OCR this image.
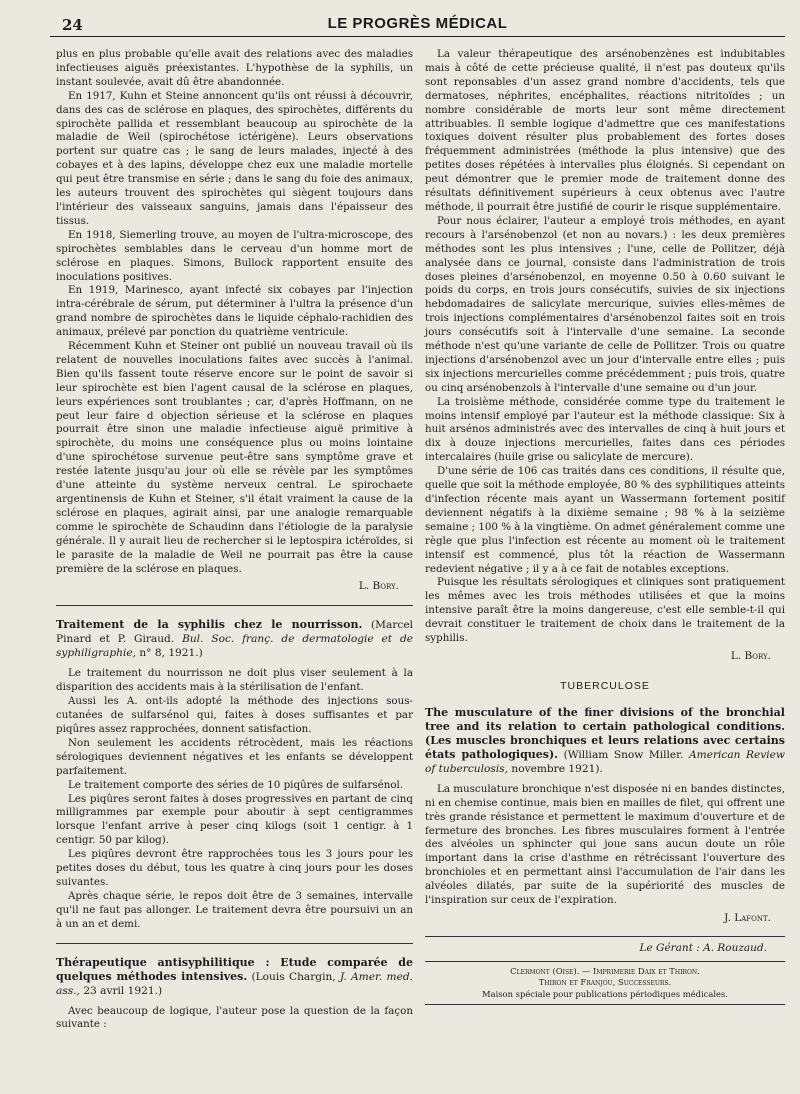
24	LE PROGRÈS MÉDICAL

plus en plus probable qu'elle avait des relations avec des maladies infectieuses aiguës préexistantes. L'hypothèse de la syphilis, un instant soulevée, avait dû être abandonnée.

En 1917, Kuhn et Steine annoncent qu'ils ont réussi à découvrir, dans des cas de sclérose en plaques, des spirochètes, différents du spirochète pallida et ressemblant beaucoup au spirochète de la maladie de Weil (spirochétose ictérigène). Leurs observations portent sur quatre cas ; le sang de leurs malades, injecté à des cobayes et à des lapins, développe chez eux une maladie mortelle qui peut être transmise en série ; dans le sang du foie des animaux, les auteurs trouvent des spirochètes qui siègent toujours dans l'intérieur des vaisseaux sanguins, jamais dans l'épaisseur des tissus.

En 1918, Siemerling trouve, au moyen de l'ultra-microscope, des spirochètes semblables dans le cerveau d'un homme mort de sclérose en plaques. Simons, Bullock rapportent ensuite des inoculations positives.

En 1919, Marinesco, ayant infecté six cobayes par l'injection intra-cérébrale de sérum, put déterminer à l'ultra la présence d'un grand nombre de spirochètes dans le liquide céphalo-rachidien des animaux, prélevé par ponction du quatrième ventricule.

Récemment Kuhn et Steiner ont publié un nouveau travail où ils relatent de nouvelles inoculations faites avec succès à l'animal. Bien qu'ils fassent toute réserve encore sur le point de savoir si leur spirochète est bien l'agent causal de la sclérose en plaques, leurs expériences sont troublantes ; car, d'après Hoffmann, on ne peut leur faire d objection sérieuse et la sclérose en plaques pourrait être sinon une maladie infectieuse aiguë primitive à spirochète, du moins une conséquence plus ou moins lointaine d'une spirochétose survenue peut-être sans symptôme grave et restée latente jusqu'au jour où elle se révèle par les symptômes d'une atteinte du système nerveux central. Le spirochaete argentinensis de Kuhn et Steiner, s'il était vraiment la cause de la sclérose en plaques, agirait ainsi, par une analogie remarquable comme le spirochète de Schaudinn dans l'étiologie de la paralysie générale. Il y aurait lieu de rechercher si le leptospira ictéroïdes, si le parasite de la maladie de Weil ne pourrait pas être la cause première de la sclérose en plaques.

L. Bory.

Traitement de la syphilis chez le nourrisson. (Marcel Pinard et P. Giraud. Bul. Soc. franç. de dermatologie et de syphiligraphie, n° 8, 1921.)

Le traitement du nourrisson ne doit plus viser seulement à la disparition des accidents mais à la stérilisation de l'enfant.

Aussi les A. ont-ils adopté la méthode des injections sous-cutanées de sulfarsénol qui, faites à doses suffisantes et par piqûres assez rapprochées, donnent satisfaction.

Non seulement les accidents rétrocèdent, mais les réactions sérologiques deviennent négatives et les enfants se développent parfaitement.

Le traitement comporte des séries de 10 piqûres de sulfarsénol.

Les piqûres seront faites à doses progressives en partant de cinq milligrammes par exemple pour aboutir à sept centigrammes lorsque l'enfant arrive à peser cinq kilogs (soit 1 centigr. à 1 centigr. 50 par kilog).

Les piqûres devront être rapprochées tous les 3 jours pour les petites doses du début, tous les quatre à cinq jours pour les doses suivantes.

Après chaque série, le repos doit être de 3 semaines, intervalle qu'il ne faut pas allonger. Le traitement devra être poursuivi un an à un an et demi.

Thérapeutique antisyphilitique : Etude comparée de quelques méthodes intensives. (Louis Chargin, J. Amer. med. ass., 23 avril 1921.)

Avec beaucoup de logique, l'auteur pose la question de la façon suivante :

La valeur thérapeutique des arsénobenzènes est indubitables mais à côté de cette précieuse qualité, il n'est pas douteux qu'ils sont reponsables d'un assez grand nombre d'accidents, tels que dermatoses, néphrites, encéphalites, réactions nitritoïdes ; un nombre considérable de morts leur sont même directement attribuables. Il semble logique d'admettre que ces manifestations toxiques doivent résulter plus probablement des fortes doses fréquemment administrées (méthode la plus intensive) que des petites doses répétées à intervalles plus éloignés. Si cependant on peut démontrer que le premier mode de traitement donne des résultats définitivement supérieurs à ceux obtenus avec l'autre méthode, il pourrait être justifié de courir le risque supplémentaire.

Pour nous éclairer, l'auteur a employé trois méthodes, en ayant recours à l'arsénobenzol (et non au novars.) : les deux premières méthodes sont les plus intensives ; l'une, celle de Pollitzer, déjà analysée dans ce journal, consiste dans l'administration de trois doses pleines d'arsénobenzol, en moyenne 0.50 à 0.60 suivant le poids du corps, en trois jours consécutifs, suivies de six injections hebdomadaires de salicylate mercurique, suivies elles-mêmes de trois injections complémentaires d'arsénobenzol faites soit en trois jours consécutifs soit à l'intervalle d'une semaine. La seconde méthode n'est qu'une variante de celle de Pollitzer. Trois ou quatre injections d'arsénobenzol avec un jour d'intervalle entre elles ; puis six injections mercurielles comme précédemment ; puis trois, quatre ou cinq arsénobenzols à l'intervalle d'une semaine ou d'un jour.

La troisième méthode, considérée comme type du traitement le moins intensif employé par l'auteur est la méthode classique: Six à huit arsénos administrés avec des intervalles de cinq à huit jours et dix à douze injections mercurielles, faites dans ces périodes intercalaires (huile grise ou salicylate de mercure).

D'une série de 106 cas traités dans ces conditions, il résulte que, quelle que soit la méthode employée, 80 % des syphilitiques atteints d'infection récente mais ayant un Wassermann fortement positif deviennent négatifs à la dixième semaine ; 98 % à la seizième semaine ; 100 % à la vingtième. On admet généralement comme une règle que plus l'infection est récente au moment où le traitement intensif est commencé, plus tôt la réaction de Wassermann redevient négative ; il y a à ce fait de notables exceptions.

Puisque les résultats sérologiques et cliniques sont pratiquement les mêmes avec les trois méthodes utilisées et que la moins intensive paraît être la moins dangereuse, c'est elle semble-t-il qui devrait constituer le traitement de choix dans le traitement de la syphilis.

L. Bory.

TUBERCULOSE

The musculature of the finer divisions of the bronchial tree and its relation to certain pathological conditions. (Les muscles bronchiques et leurs relations avec certains états pathologiques). (William Snow Miller. American Review of tuberculosis, novembre 1921).

La musculature bronchique n'est disposée ni en bandes distinctes, ni en chemise continue, mais bien en mailles de filet, qui offrent une très grande résistance et permettent le maximum d'ouverture et de fermeture des bronches. Les fibres musculaires forment à l'entrée des alvéoles un sphincter qui joue sans aucun doute un rôle important dans la crise d'asthme en rétrécissant l'ouverture des bronchioles et en permettant ainsi l'accumulation de l'air dans les alvéoles dilatés, par suite de la supériorité des muscles de l'inspiration sur ceux de l'expiration.

J. Lafont.

Le Gérant : A. Rouzaud.
Clermont (Oise). — Imprimerie Daix et Thiron.
Thiron et Franjou, Successeurs.
Maison spéciale pour publications périodiques médicales.
